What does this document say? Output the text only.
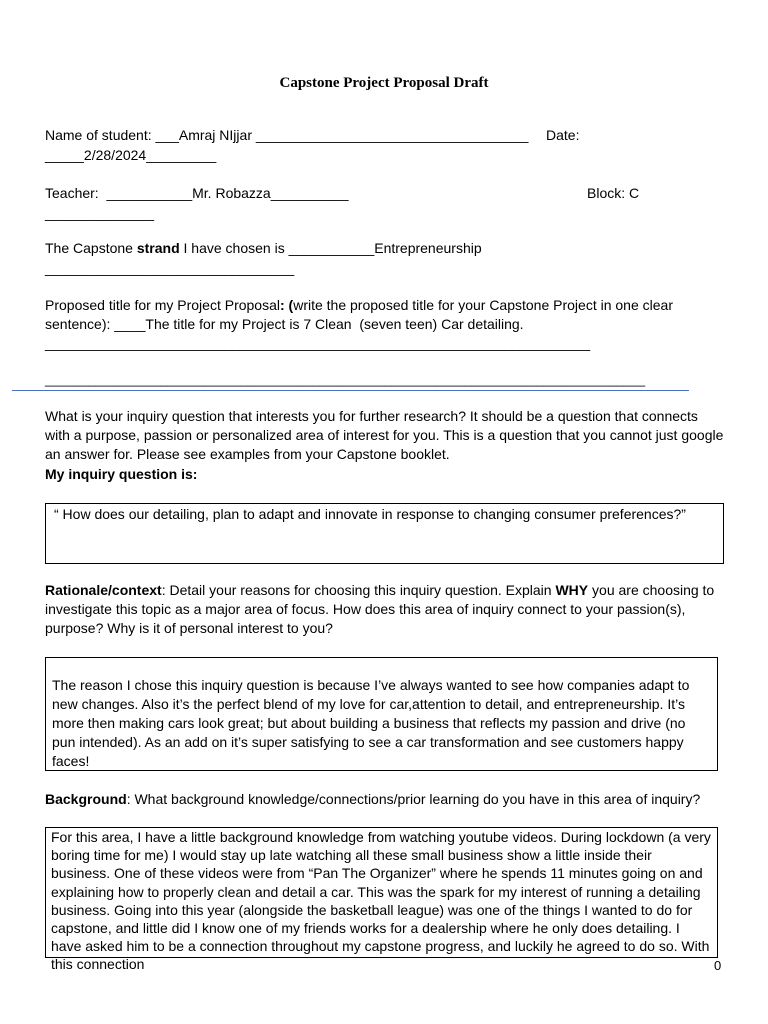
Capstone Project Proposal Draft
Name of student: ___Amraj NIjjar ___________________________________ Date:
_____2/28/2024_________
Teacher:  ___________Mr. Robazza__________	Block: C
______________
The Capstone strand I have chosen is ___________Entrepreneurship
________________________________
Proposed title for my Project Proposal: (write the proposed title for your Capstone Project in one clear
sentence): ____The title for my Project is 7 Clean  (seven teen) Car detailing.
______________________________________________________________________
___________________________________________________________________________________
What is your inquiry question that interests you for further research? It should be a question that connects with a purpose, passion or personalized area of interest for you. This is a question that you cannot just google an answer for. Please see examples from your Capstone booklet.
My inquiry question is:
“ How does our detailing, plan to adapt and innovate in response to changing consumer preferences?”
Rationale/context: Detail your reasons for choosing this inquiry question. Explain WHY you are choosing to investigate this topic as a major area of focus. How does this area of inquiry connect to your passion(s), purpose? Why is it of personal interest to you?
The reason I chose this inquiry question is because I’ve always wanted to see how companies adapt to new changes. Also it’s the perfect blend of my love for car,attention to detail, and entrepreneurship. It’s more then making cars look great; but about building a business that reflects my passion and drive (no pun intended). As an add on it’s super satisfying to see a car transformation and see customers happy faces!
Background: What background knowledge/connections/prior learning do you have in this area of inquiry?
For this area, I have a little background knowledge from watching youtube videos. During lockdown (a very boring time for me) I would stay up late watching all these small business show a little inside their business. One of these videos were from “Pan The Organizer” where he spends 11 minutes going on and explaining how to properly clean and detail a car. This was the spark for my interest of running a detailing business. Going into this year (alongside the basketball league) was one of the things I wanted to do for capstone, and little did I know one of my friends works for a dealership where he only does detailing. I have asked him to be a connection throughout my capstone progress, and luckily he agreed to do so. With this connection	0
